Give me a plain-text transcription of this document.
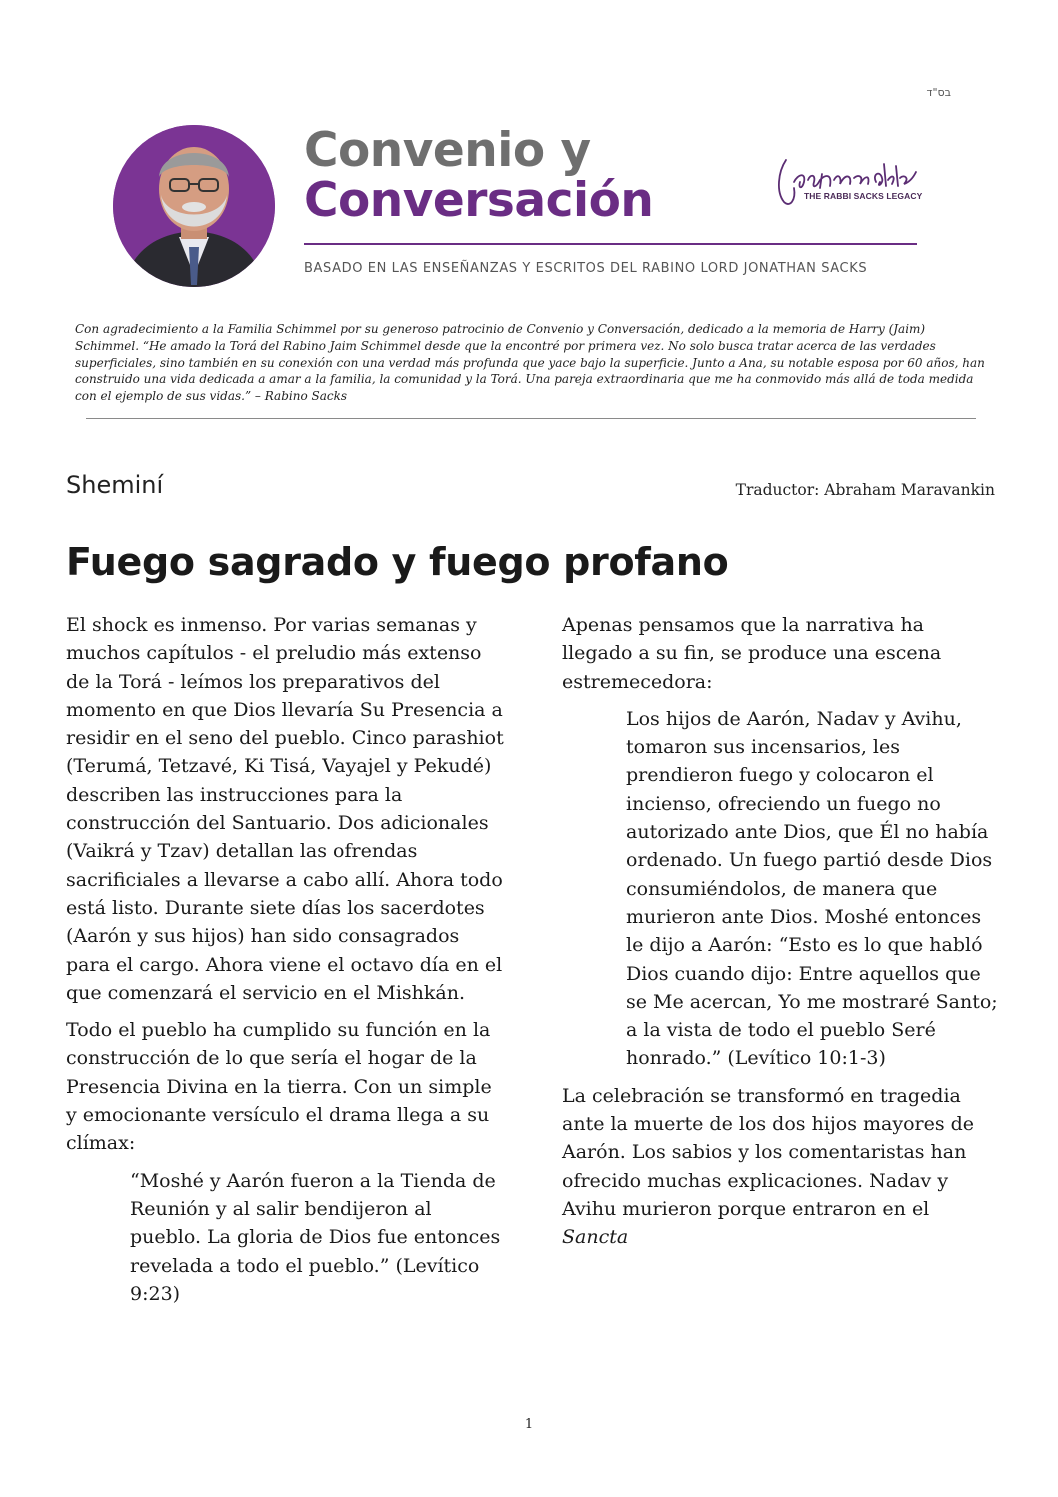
בס"ד
Convenio y
Conversación	THE RABBI SACKS LEGACY
BASADO EN LAS ENSEÑANZAS Y ESCRITOS DEL RABINO LORD JONATHAN SACKS
Con agradecimiento a la Familia Schimmel por su generoso patrocinio de Convenio y Conversación, dedicado a la memoria de Harry (Jaim) Schimmel. “He amado la Torá del Rabino Jaim Schimmel desde que la encontré por primera vez. No solo busca tratar acerca de las verdades superficiales, sino también en su conexión con una verdad más profunda que yace bajo la superficie. Junto a Ana, su notable esposa por 60 años, han construido una vida dedicada a amar a la familia, la comunidad y la Torá. Una pareja extraordinaria que me ha conmovido más allá de toda medida con el ejemplo de sus vidas.” – Rabino Sacks
Sheminí	Traductor: Abraham Maravankin
Fuego sagrado y fuego profano

El shock es inmenso. Por varias semanas y muchos capítulos - el preludio más extenso de la Torá - leímos los preparativos del momento en que Dios llevaría Su Presencia a residir en el seno del pueblo. Cinco parashiot (Terumá, Tetzavé, Ki Tisá, Vayajel y Pekudé) describen las instrucciones para la construcción del Santuario. Dos adicionales (Vaikrá y Tzav) detallan las ofrendas sacrificiales a llevarse a cabo allí. Ahora todo está listo. Durante siete días los sacerdotes (Aarón y sus hijos) han sido consagrados para el cargo. Ahora viene el octavo día en el que comenzará el servicio en el Mishkán.

Todo el pueblo ha cumplido su función en la construcción de lo que sería el hogar de la Presencia Divina en la tierra. Con un simple y emocionante versículo el drama llega a su clímax:

“Moshé y Aarón fueron a la Tienda de Reunión y al salir bendijeron al pueblo. La gloria de Dios fue entonces revelada a todo el pueblo.” (Levítico 9:23)

Apenas pensamos que la narrativa ha llegado a su fin, se produce una escena estremecedora:

Los hijos de Aarón, Nadav y Avihu, tomaron sus incensarios, les prendieron fuego y colocaron el incienso, ofreciendo un fuego no autorizado ante Dios, que Él no había ordenado. Un fuego partió desde Dios consumiéndolos, de manera que murieron ante Dios. Moshé entonces le dijo a Aarón: “Esto es lo que habló Dios cuando dijo: Entre aquellos que se Me acercan, Yo me mostraré Santo; a la vista de todo el pueblo Seré honrado.” (Levítico 10:1-3)

La celebración se transformó en tragedia ante la muerte de los dos hijos mayores de Aarón. Los sabios y los comentaristas han ofrecido muchas explicaciones. Nadav y Avihu murieron porque entraron en el Sancta

1
